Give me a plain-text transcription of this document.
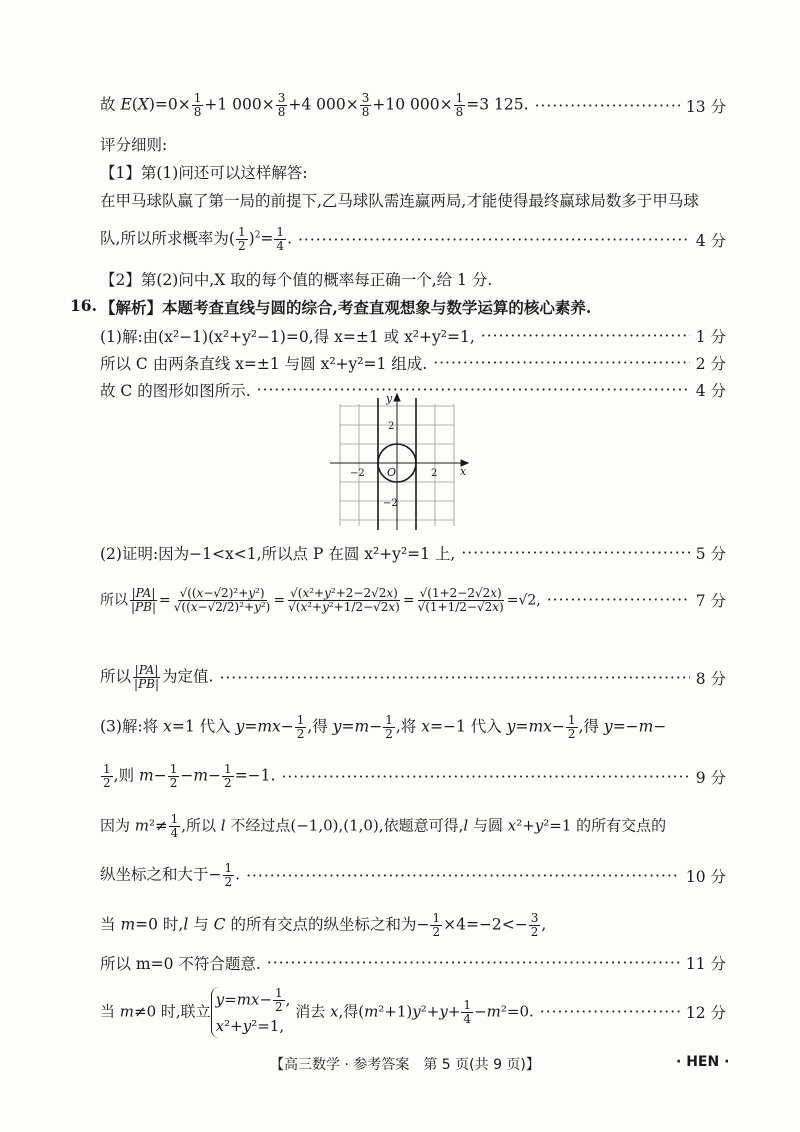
故 $E(X)=0\times \frac{1}{8} +1$ $000\times \frac{3}{8} +4$ $000\times \frac{3}{8} +10$ $000\times \frac{1}{8} =3$ 125. ·····	13 分
评分细则:
【1】第(1)问还可以这样解答:
在甲马球队赢了第一局的前提下,乙马球队需连赢两局,才能使得最终赢球局数多于甲马球
队,所以所求概率为( $\frac{1}{2} )^2= \frac{1}{4}$ . ·····	4 分
【2】第(2)问中,X 取的每个值的概率每正确一个,给 1 分.
16. 【解析】本题考查直线与圆的综合,考查直观想象与数学运算的核心素养.
(1)解:由(x²−1)(x²+y²−1)=0,得 x=±1 或 x²+y²=1, ·····	1 分
所以 C 由两条直线 x=±1 与圆 x²+y²=1 组成. ·····	2 分
故 C 的图形如图所示. ·····	4 分
y
x
O
2
−2
2
−2
(2)证明:因为−1<x<1,所以点 P 在圆 x²+y²=1 上, ·····	5 分
所以 $\frac{|PA|}{|PB|} = \frac{\text{√((x−√2)²+y²)}}{\text{√((x−√2/2)²+y²)}} = \frac{\text{√(x²+y²+2−2√2x)}}{\text{√(x²+y²+1/2−√2x)}} = \frac{√(1+2-2√2x)}{√(1+1/2-√2x)} =√2$, ·····	7 分
所以 $\frac{|PA|}{|PB|}$ 为定值. ·····	8 分
(3)解:将 x=1 代入 $y=mx- \frac{1}{2}$ ,得 $y=m- \frac{1}{2}$ ,将 x=−1 代入 $y=mx- \frac{1}{2}$ ,得 y=−m−
$\frac{1}{2}$ ,则 $m- \frac{1}{2} -m- \frac{1}{2} =-1$. ·····	9 分
因为 $m^2\ne \frac{1}{4}$ ,所以 l 不经过点(−1,0),(1,0),依题意可得,l 与圆 x²+y²=1 的所有交点的
纵坐标之和大于− $\frac{1}{2}$ . ·····	10 分
当 m=0 时,l 与 C 的所有交点的纵坐标之和为− $\frac{1}{2} \times 4=-2<- \frac{3}{2}$ ,
所以 m=0 不符合题意. ·····	11 分
当 m≠0 时,联立
$y=mx- \frac{1}{2}$ ,
x²+y²=1,
消去 x,得$(m^2+1)y^2+y+ \frac{1}{4} -m^2=0$. ·····	12 分
【高三数学 · 参考答案　第 5 页(共 9 页)】	· HEN ·
